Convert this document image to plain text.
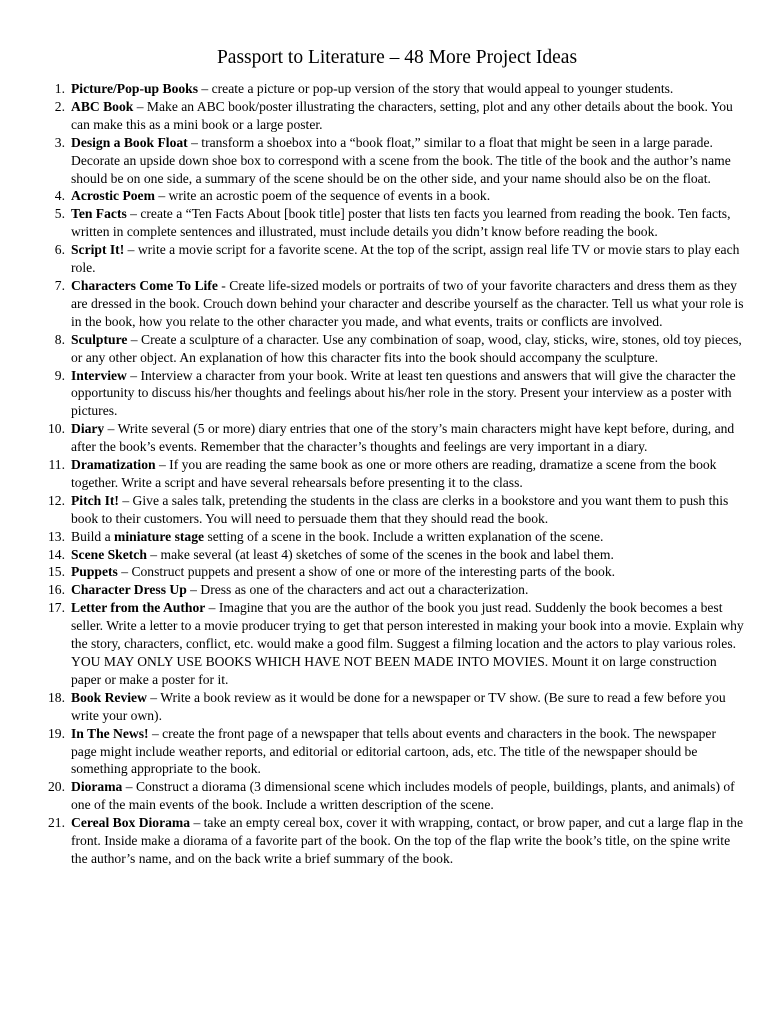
Passport to Literature – 48 More Project Ideas
1. Picture/Pop-up Books – create a picture or pop-up version of the story that would appeal to younger students.
2. ABC Book – Make an ABC book/poster illustrating the characters, setting, plot and any other details about the book. You can make this as a mini book or a large poster.
3. Design a Book Float – transform a shoebox into a “book float,” similar to a float that might be seen in a large parade. Decorate an upside down shoe box to correspond with a scene from the book. The title of the book and the author’s name should be on one side, a summary of the scene should be on the other side, and your name should also be on the float.
4. Acrostic Poem – write an acrostic poem of the sequence of events in a book.
5. Ten Facts – create a “Ten Facts About [book title] poster that lists ten facts you learned from reading the book. Ten facts, written in complete sentences and illustrated, must include details you didn’t know before reading the book.
6. Script It! – write a movie script for a favorite scene. At the top of the script, assign real life TV or movie stars to play each role.
7. Characters Come To Life - Create life-sized models or portraits of two of your favorite characters and dress them as they are dressed in the book. Crouch down behind your character and describe yourself as the character. Tell us what your role is in the book, how you relate to the other character you made, and what events, traits or conflicts are involved.
8. Sculpture – Create a sculpture of a character. Use any combination of soap, wood, clay, sticks, wire, stones, old toy pieces, or any other object. An explanation of how this character fits into the book should accompany the sculpture.
9. Interview – Interview a character from your book. Write at least ten questions and answers that will give the character the opportunity to discuss his/her thoughts and feelings about his/her role in the story. Present your interview as a poster with pictures.
10. Diary – Write several (5 or more) diary entries that one of the story’s main characters might have kept before, during, and after the book’s events. Remember that the character’s thoughts and feelings are very important in a diary.
11. Dramatization – If you are reading the same book as one or more others are reading, dramatize a scene from the book together. Write a script and have several rehearsals before presenting it to the class.
12. Pitch It! – Give a sales talk, pretending the students in the class are clerks in a bookstore and you want them to push this book to their customers. You will need to persuade them that they should read the book.
13. Build a miniature stage setting of a scene in the book. Include a written explanation of the scene.
14. Scene Sketch – make several (at least 4) sketches of some of the scenes in the book and label them.
15. Puppets – Construct puppets and present a show of one or more of the interesting parts of the book.
16. Character Dress Up – Dress as one of the characters and act out a characterization.
17. Letter from the Author – Imagine that you are the author of the book you just read. Suddenly the book becomes a best seller. Write a letter to a movie producer trying to get that person interested in making your book into a movie. Explain why the story, characters, conflict, etc. would make a good film. Suggest a filming location and the actors to play various roles. YOU MAY ONLY USE BOOKS WHICH HAVE NOT BEEN MADE INTO MOVIES. Mount it on large construction paper or make a poster for it.
18. Book Review – Write a book review as it would be done for a newspaper or TV show. (Be sure to read a few before you write your own).
19. In The News! – create the front page of a newspaper that tells about events and characters in the book. The newspaper page might include weather reports, and editorial or editorial cartoon, ads, etc. The title of the newspaper should be something appropriate to the book.
20. Diorama – Construct a diorama (3 dimensional scene which includes models of people, buildings, plants, and animals) of one of the main events of the book. Include a written description of the scene.
21. Cereal Box Diorama – take an empty cereal box, cover it with wrapping, contact, or brow paper, and cut a large flap in the front. Inside make a diorama of a favorite part of the book. On the top of the flap write the book’s title, on the spine write the author’s name, and on the back write a brief summary of the book.
